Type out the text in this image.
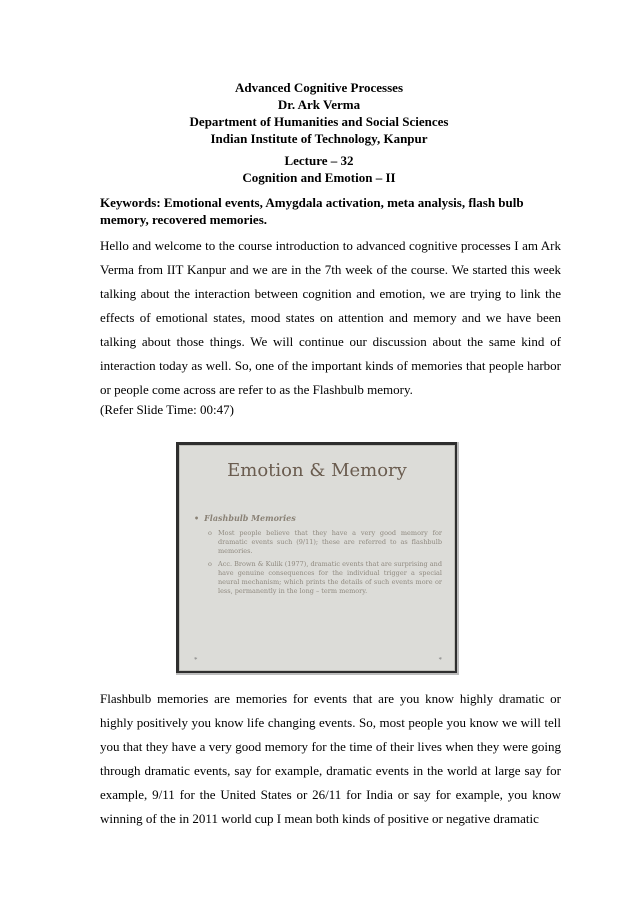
Advanced Cognitive Processes
Dr. Ark Verma
Department of Humanities and Social Sciences
Indian Institute of Technology, Kanpur
Lecture – 32
Cognition and Emotion – II
Keywords: Emotional events, Amygdala activation, meta analysis, flash bulb memory, recovered memories.
Hello and welcome to the course introduction to advanced cognitive processes I am Ark Verma from IIT Kanpur and we are in the 7th week of the course. We started this week talking about the interaction between cognition and emotion, we are trying to link the effects of emotional states, mood states on attention and memory and we have been talking about those things. We will continue our discussion about the same kind of interaction today as well. So, one of the important kinds of memories that people harbor or people come across are refer to as the Flashbulb memory.
(Refer Slide Time: 00:47)
Emotion & Memory
• Flashbulb Memories
o Most people believe that they have a very good memory for dramatic events such (9/11); these are referred to as flashbulb memories.
o Acc. Brown & Kulik (1977), dramatic events that are surprising and have genuine consequences for the individual trigger a special neural mechanism; which prints the details of such events more or less, permanently in the long – term memory.
*	*
Flashbulb memories are memories for events that are you know highly dramatic or highly positively you know life changing events. So, most people you know we will tell you that they have a very good memory for the time of their lives when they were going through dramatic events, say for example, dramatic events in the world at large say for example, 9/11 for the United States or 26/11 for India or say for example, you know winning of the in 2011 world cup I mean both kinds of positive or negative dramatic
